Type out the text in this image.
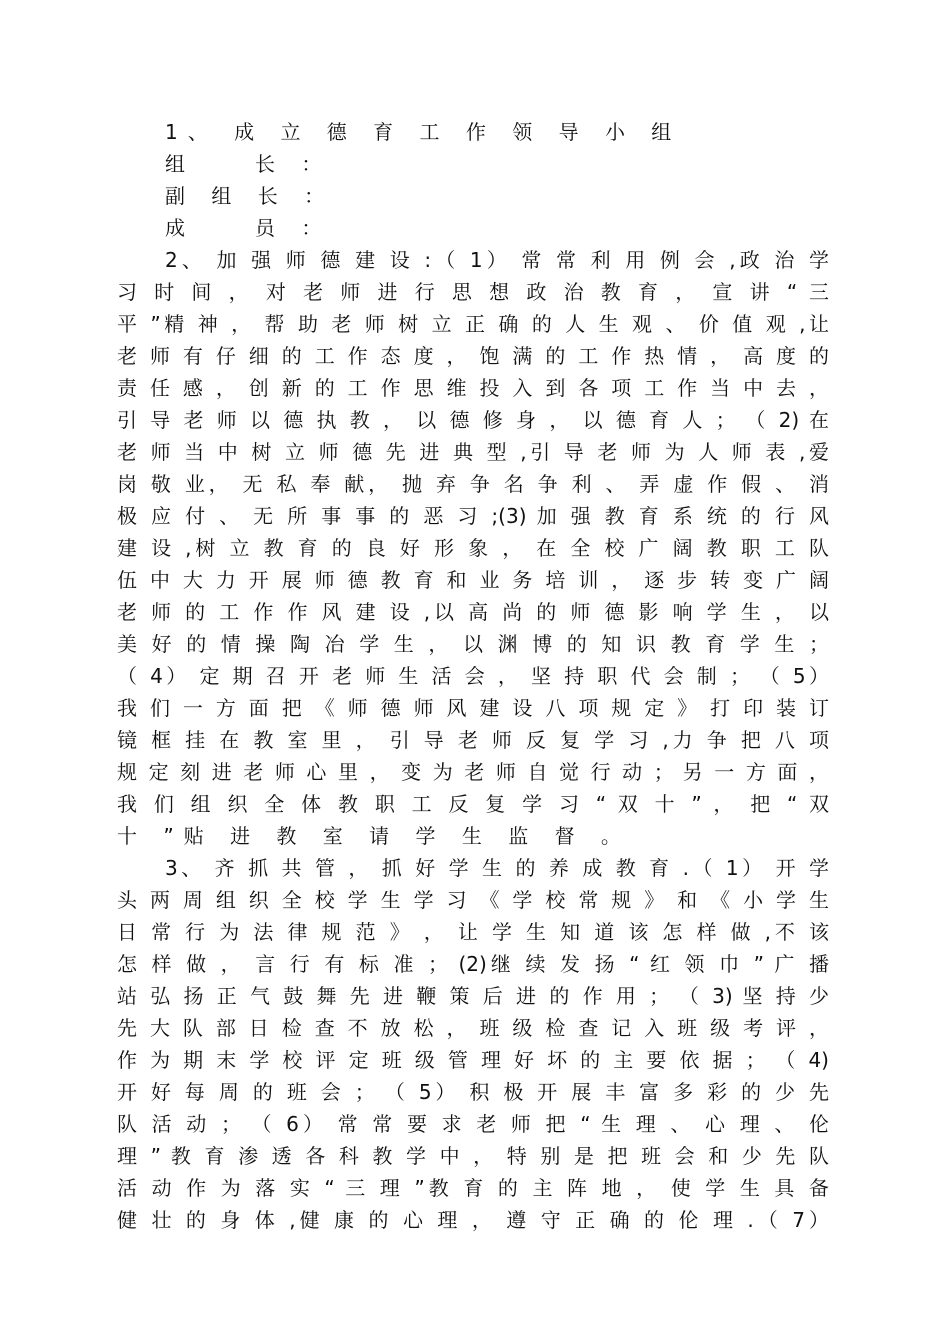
1、 成 立 德 育 工 作 领 导 小 组
组　　长 ：
副 组 长 ：
成　　员 ：
2、 加 强 师 德 建 设 :（ 1） 常 常 利 用 例 会 ,政 治 学
习 时 间 ， 对 老 师 进 行 思 想 政 治 教 育 ， 宣 讲 “ 三
平 ”精 神 ， 帮 助 老 师 树 立 正 确 的 人 生 观 、 价 值 观 ,让
老 师 有 仔 细 的 工 作 态 度 ， 饱 满 的 工 作 热 情 ， 高 度 的
责 任 感 ， 创 新 的 工 作 思 维 投 入 到 各 项 工 作 当 中 去 ，
引 导 老 师 以 德 执 教 ， 以 德 修 身 ， 以 德 育 人 ； （ 2) 在
老 师 当 中 树 立 师 德 先 进 典 型 ,引 导 老 师 为 人 师 表 ,爱
岗 敬 业， 无 私 奉 献， 抛 弃 争 名 争 利 、 弄 虚 作 假 、 消
极 应 付 、 无 所 事 事 的 恶 习 ;(3) 加 强 教 育 系 统 的 行 风
建 设 ,树 立 教 育 的 良 好 形 象 ， 在 全 校 广 阔 教 职 工 队
伍 中 大 力 开 展 师 德 教 育 和 业 务 培 训 ， 逐 步 转 变 广 阔
老 师 的 工 作 作 风 建 设 ,以 高 尚 的 师 德 影 响 学 生 ， 以
美 好 的 情 操 陶 冶 学 生 ， 以 渊 博 的 知 识 教 育 学 生 ；
（ 4） 定 期 召 开 老 师 生 活 会 ， 坚 持 职 代 会 制 ； （ 5）
我 们 一 方 面 把 《 师 德 师 风 建 设 八 项 规 定 》 打 印 装 订
镜 框 挂 在 教 室 里 ， 引 导 老 师 反 复 学 习 ,力 争 把 八 项
规 定 刻 进 老 师 心 里 ， 变 为 老 师 自 觉 行 动 ； 另 一 方 面 ，
我 们 组 织 全 体 教 职 工 反 复 学 习 “ 双 十 ” ， 把 “ 双
十 ”贴 进 教 室 请 学 生 监 督 。
3、 齐 抓 共 管 ， 抓 好 学 生 的 养 成 教 育 .（ 1） 开 学
头 两 周 组 织 全 校 学 生 学 习 《 学 校 常 规 》 和 《 小 学 生
日 常 行 为 法 律 规 范 》 ， 让 学 生 知 道 该 怎 样 做 ,不 该
怎 样 做 ， 言 行 有 标 准 ； (2)继 续 发 扬 “ 红 领 巾 ” 广 播
站 弘 扬 正 气 鼓 舞 先 进 鞭 策 后 进 的 作 用 ； （ 3) 坚 持 少
先 大 队 部 日 检 查 不 放 松 ， 班 级 检 查 记 入 班 级 考 评 ，
作 为 期 末 学 校 评 定 班 级 管 理 好 坏 的 主 要 依 据 ； （ 4)
开 好 每 周 的 班 会 ； （ 5） 积 极 开 展 丰 富 多 彩 的 少 先
队 活 动 ； （ 6） 常 常 要 求 老 师 把 “ 生 理 、 心 理 、 伦
理 ” 教 育 渗 透 各 科 教 学 中 ， 特 别 是 把 班 会 和 少 先 队
活 动 作 为 落 实 “ 三 理 ”教 育 的 主 阵 地 ， 使 学 生 具 备
健 壮 的 身 体 ,健 康 的 心 理 ， 遵 守 正 确 的 伦 理 .（ 7）
